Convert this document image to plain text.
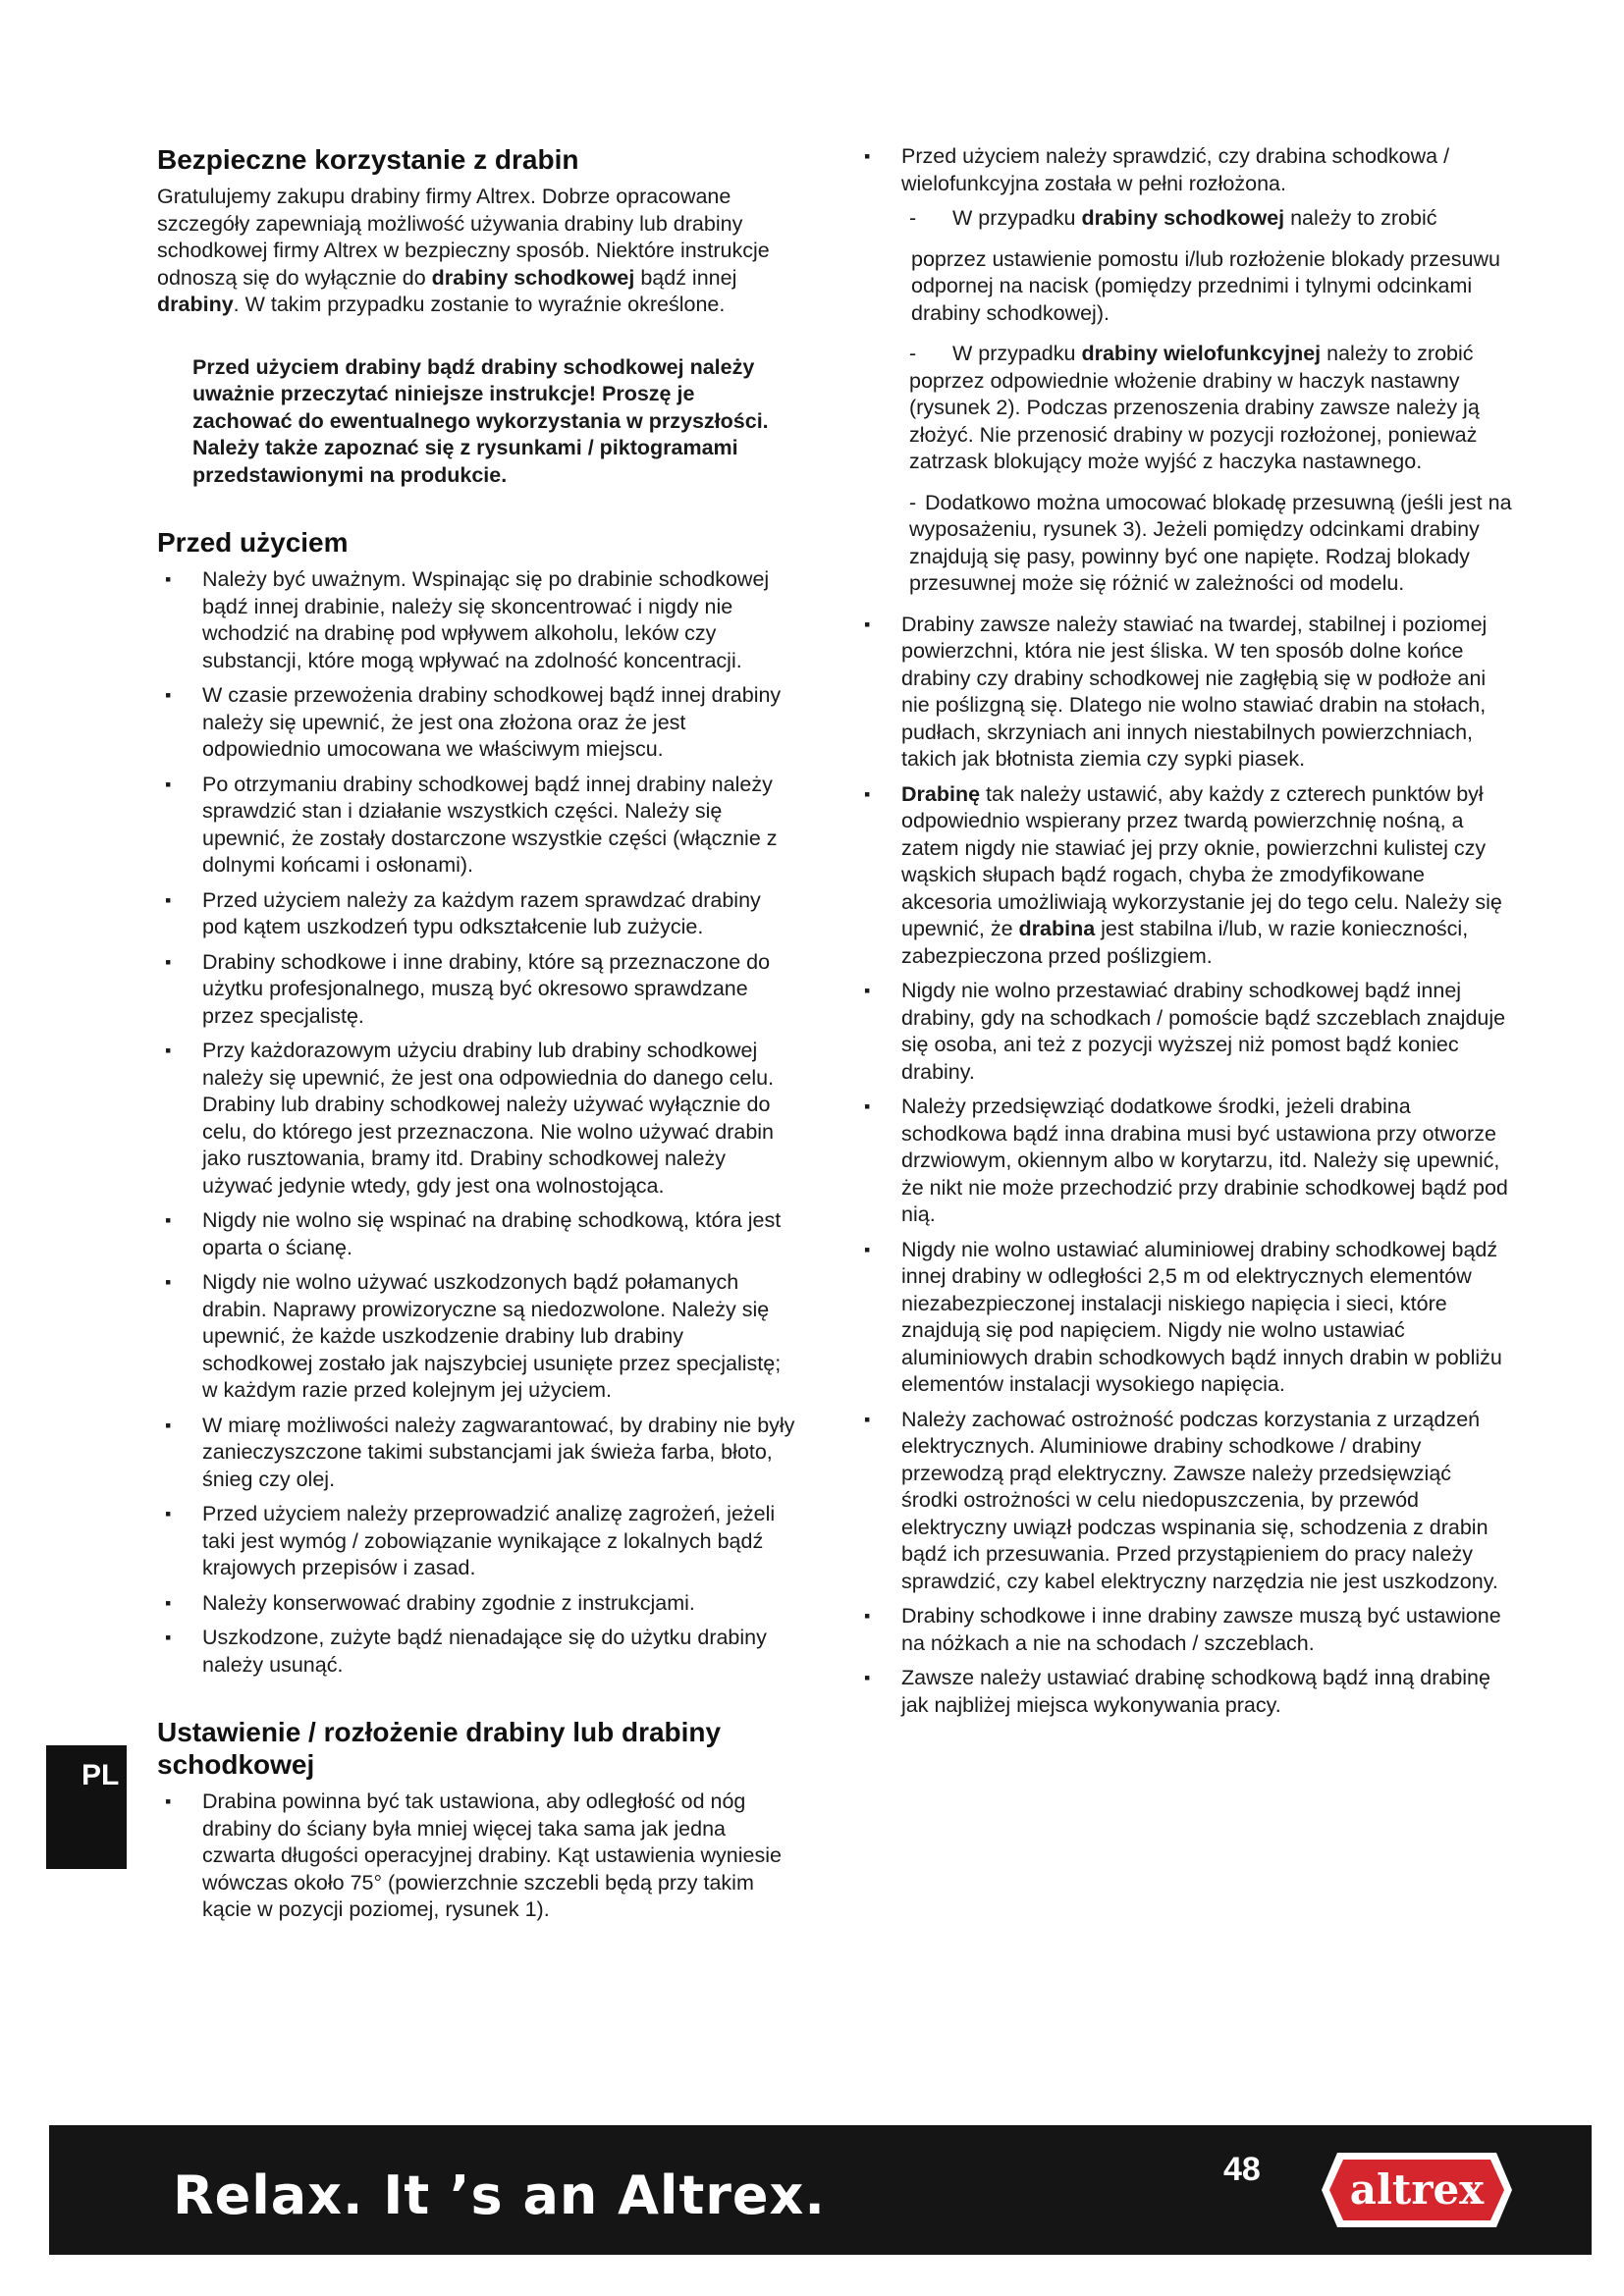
Bezpieczne korzystanie z drabin

Gratulujemy zakupu drabiny firmy Altrex. Dobrze opracowane szczegóły zapewniają możliwość używania drabiny lub drabiny schodkowej firmy Altrex w bezpieczny sposób. Niektóre instrukcje odnoszą się do wyłącznie do drabiny schodkowej bądź innej drabiny. W takim przypadku zostanie to wyraźnie określone.

Przed użyciem drabiny bądź drabiny schodkowej należy uważnie przeczytać niniejsze instrukcje! Proszę je zachować do ewentualnego wykorzystania w przyszłości. Należy także zapoznać się z rysunkami / piktogramami przedstawionymi na produkcie.

Przed użyciem
▪ Należy być uważnym. Wspinając się po drabinie schodkowej bądź innej drabinie, należy się skoncentrować i nigdy nie wchodzić na drabinę pod wpływem alkoholu, leków czy substancji, które mogą wpływać na zdolność koncentracji.
▪ W czasie przewożenia drabiny schodkowej bądź innej drabiny należy się upewnić, że jest ona złożona oraz że jest odpowiednio umocowana we właściwym miejscu.
▪ Po otrzymaniu drabiny schodkowej bądź innej drabiny należy sprawdzić stan i działanie wszystkich części. Należy się upewnić, że zostały dostarczone wszystkie części (włącznie z dolnymi końcami i osłonami).
▪ Przed użyciem należy za każdym razem sprawdzać drabiny pod kątem uszkodzeń typu odkształcenie lub zużycie.
▪ Drabiny schodkowe i inne drabiny, które są przeznaczone do użytku profesjonalnego, muszą być okresowo sprawdzane przez specjalistę.
▪ Przy każdorazowym użyciu drabiny lub drabiny schodkowej należy się upewnić, że jest ona odpowiednia do danego celu. Drabiny lub drabiny schodkowej należy używać wyłącznie do celu, do którego jest przeznaczona. Nie wolno używać drabin jako rusztowania, bramy itd. Drabiny schodkowej należy używać jedynie wtedy, gdy jest ona wolnostojąca.
▪ Nigdy nie wolno się wspinać na drabinę schodkową, która jest oparta o ścianę.
▪ Nigdy nie wolno używać uszkodzonych bądź połamanych drabin. Naprawy prowizoryczne są niedozwolone. Należy się upewnić, że każde uszkodzenie drabiny lub drabiny schodkowej zostało jak najszybciej usunięte przez specjalistę; w każdym razie przed kolejnym jej użyciem.
▪ W miarę możliwości należy zagwarantować, by drabiny nie były zanieczyszczone takimi substancjami jak świeża farba, błoto, śnieg czy olej.
▪ Przed użyciem należy przeprowadzić analizę zagrożeń, jeżeli taki jest wymóg / zobowiązanie wynikające z lokalnych bądź krajowych przepisów i zasad.
▪ Należy konserwować drabiny zgodnie z instrukcjami.
▪ Uszkodzone, zużyte bądź nienadające się do użytku drabiny należy usunąć.
Ustawienie / rozłożenie drabiny lub drabiny schodkowej
▪ Drabina powinna być tak ustawiona, aby odległość od nóg drabiny do ściany była mniej więcej taka sama jak jedna czwarta długości operacyjnej drabiny. Kąt ustawienia wyniesie wówczas około 75° (powierzchnie szczebli będą przy takim kącie w pozycji poziomej, rysunek 1).
▪ Przed użyciem należy sprawdzić, czy drabina schodkowa / wielofunkcyjna została w pełni rozłożona.

- W przypadku drabiny schodkowej należy to zrobić

poprzez ustawienie pomostu i/lub rozłożenie blokady przesuwu odpornej na nacisk (pomiędzy przednimi i tylnymi odcinkami drabiny schodkowej).

- W przypadku drabiny wielofunkcyjnej należy to zrobić poprzez odpowiednie włożenie drabiny w haczyk nastawny (rysunek 2). Podczas przenoszenia drabiny zawsze należy ją złożyć. Nie przenosić drabiny w pozycji rozłożonej, ponieważ zatrzask blokujący może wyjść z haczyka nastawnego.

- Dodatkowo można umocować blokadę przesuwną (jeśli jest na wyposażeniu, rysunek 3). Jeżeli pomiędzy odcinkami drabiny znajdują się pasy, powinny być one napięte. Rodzaj blokady przesuwnej może się różnić w zależności od modelu.

▪ Drabiny zawsze należy stawiać na twardej, stabilnej i poziomej powierzchni, która nie jest śliska. W ten sposób dolne końce drabiny czy drabiny schodkowej nie zagłębią się w podłoże ani nie poślizgną się. Dlatego nie wolno stawiać drabin na stołach, pudłach, skrzyniach ani innych niestabilnych powierzchniach, takich jak błotnista ziemia czy sypki piasek.
▪ Drabinę tak należy ustawić, aby każdy z czterech punktów był odpowiednio wspierany przez twardą powierzchnię nośną, a zatem nigdy nie stawiać jej przy oknie, powierzchni kulistej czy wąskich słupach bądź rogach, chyba że zmodyfikowane akcesoria umożliwiają wykorzystanie jej do tego celu. Należy się upewnić, że drabina jest stabilna i/lub, w razie konieczności, zabezpieczona przed poślizgiem.
▪ Nigdy nie wolno przestawiać drabiny schodkowej bądź innej drabiny, gdy na schodkach / pomoście bądź szczeblach znajduje się osoba, ani też z pozycji wyższej niż pomost bądź koniec drabiny.
▪ Należy przedsięwziąć dodatkowe środki, jeżeli drabina schodkowa bądź inna drabina musi być ustawiona przy otworze drzwiowym, okiennym albo w korytarzu, itd. Należy się upewnić, że nikt nie może przechodzić przy drabinie schodkowej bądź pod nią.
▪ Nigdy nie wolno ustawiać aluminiowej drabiny schodkowej bądź innej drabiny w odległości 2,5 m od elektrycznych elementów niezabezpieczonej instalacji niskiego napięcia i sieci, które znajdują się pod napięciem. Nigdy nie wolno ustawiać aluminiowych drabin schodkowych bądź innych drabin w pobliżu elementów instalacji wysokiego napięcia.
▪ Należy zachować ostrożność podczas korzystania z urządzeń elektrycznych. Aluminiowe drabiny schodkowe / drabiny przewodzą prąd elektryczny. Zawsze należy przedsięwziąć środki ostrożności w celu niedopuszczenia, by przewód elektryczny uwiązł podczas wspinania się, schodzenia z drabin bądź ich przesuwania. Przed przystąpieniem do pracy należy sprawdzić, czy kabel elektryczny narzędzia nie jest uszkodzony.
▪ Drabiny schodkowe i inne drabiny zawsze muszą być ustawione na nóżkach a nie na schodach / szczeblach.
▪ Zawsze należy ustawiać drabinę schodkową bądź inną drabinę jak najbliżej miejsca wykonywania pracy.
PL
Relax. It ’s an Altrex.	48 altrex
